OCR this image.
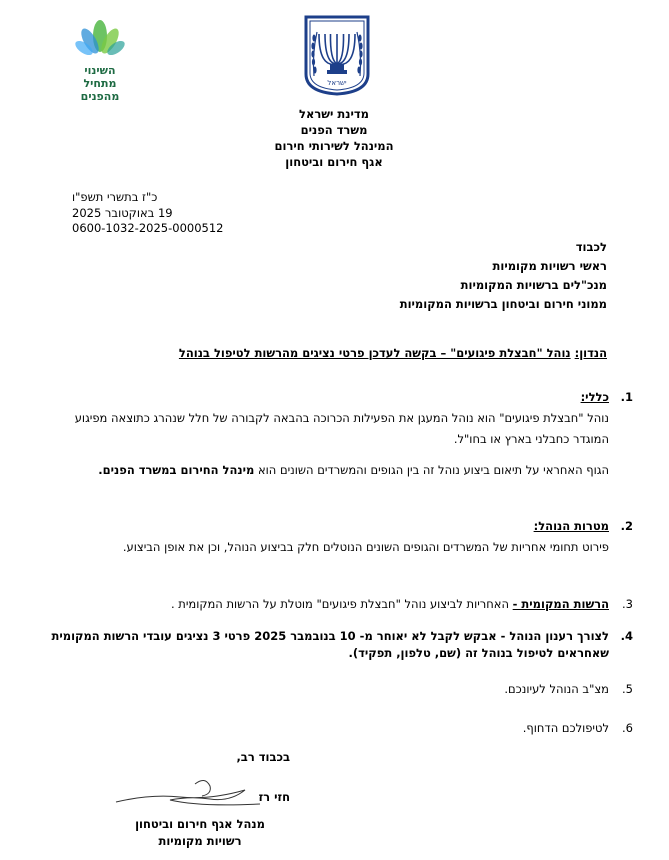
השינוי
מתחיל
מהפנים
ישראל
מדינת ישראל
משרד הפנים
המינהל לשירותי חירום
אגף חירום וביטחון
כ"ז בתשרי תשפ"ו
19 באוקטובר 2025
0600-1032-2025-0000512
לכבוד
ראשי רשויות מקומיות
מנכ"לים ברשויות המקומיות
ממוני חירום וביטחון ברשויות המקומיות
הנדון: נוהל "חבצלת פיגועים" – בקשה לעדכן פרטי נציגים מהרשות לטיפול בנוהל
1.
כללי:
נוהל "חבצלת פיגועים" הוא נוהל המעגן את הפעילות הכרוכה בהבאה לקבורה של חלל שנהרג כתוצאה מפיגוע המוגדר כחבלני בארץ או בחו"ל.
הגוף האחראי על תיאום ביצוע נוהל זה בין הגופים והמשרדים השונים הוא מינהל החירום במשרד הפנים.
2.
מטרות הנוהל:
פירוט תחומי אחריות של המשרדים והגופים השונים הנוטלים חלק בביצוע הנוהל, וכן את אופן הביצוע.
3.
הרשות המקומית - האחריות לביצוע נוהל "חבצלת פיגועים" מוטלת על הרשות המקומית .
4.
לצורך רענון הנוהל - אבקש לקבל לא יאוחר מ- 10 בנובמבר 2025 פרטי 3 נציגים עובדי הרשות המקומית שאחראים לטיפול בנוהל זה (שם, טלפון, תפקיד).
5.
מצ"ב הנוהל לעיונכם.
6.
לטיפולכם הדחוף.
בכבוד רב,
חזי רז
מנהל אגף חירום וביטחון
רשויות מקומיות
